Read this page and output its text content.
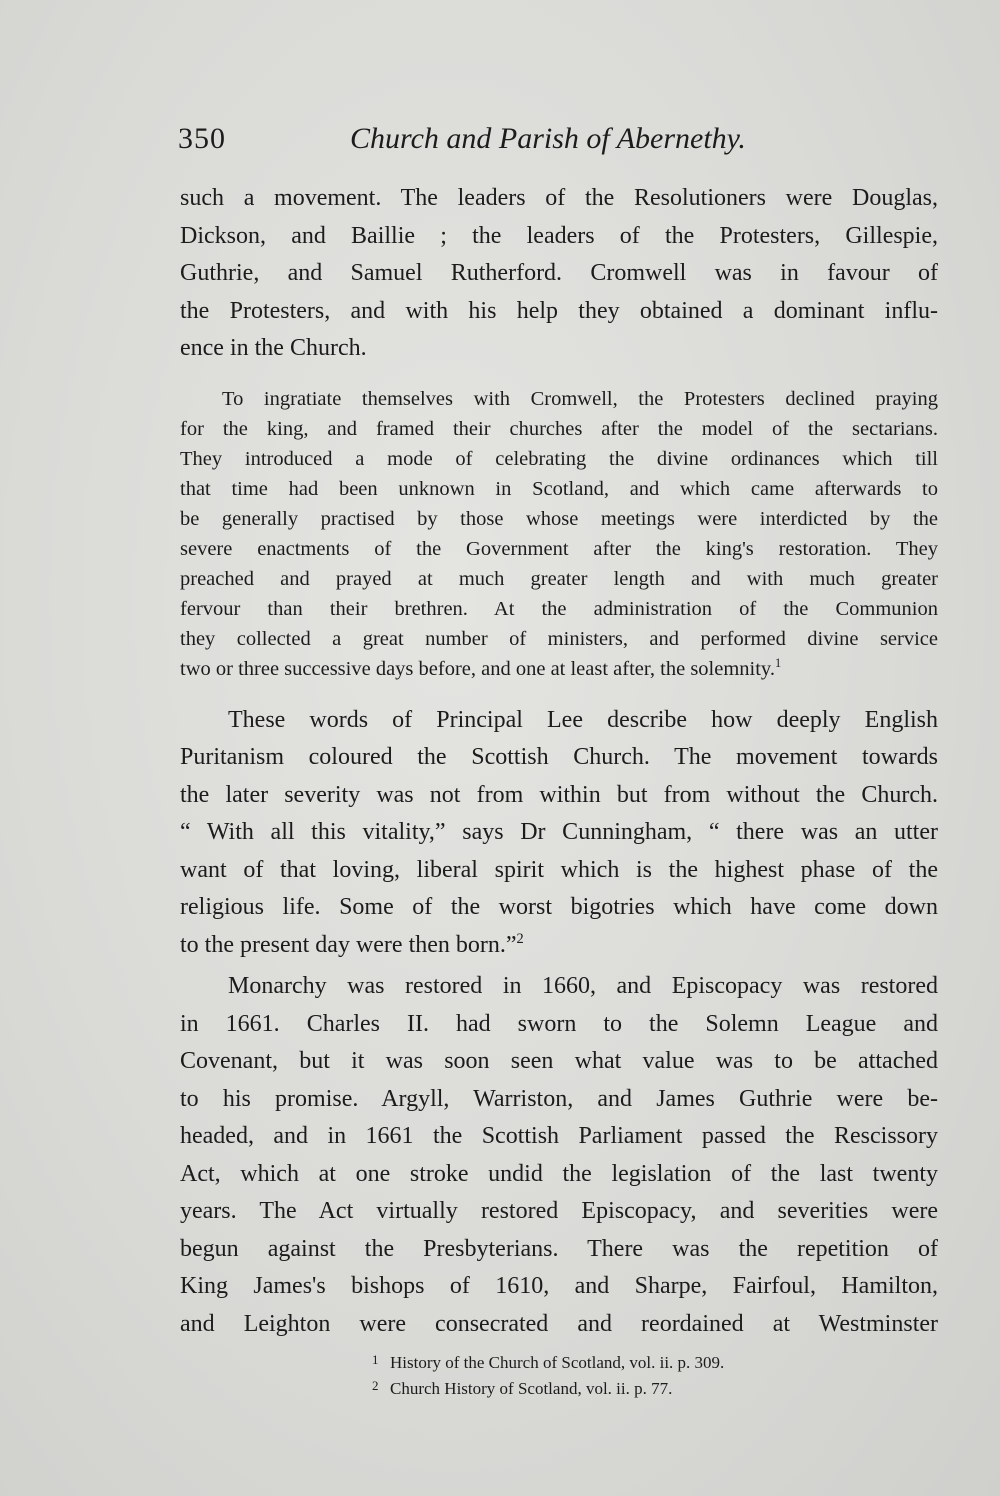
350	Church and Parish of Abernethy.
such a movement. The leaders of the Resolutioners were Douglas,
Dickson, and Baillie ; the leaders of the Protesters, Gillespie,
Guthrie, and Samuel Rutherford. Cromwell was in favour of
the Protesters, and with his help they obtained a dominant influ-
ence in the Church.
To ingratiate themselves with Cromwell, the Protesters declined praying
for the king, and framed their churches after the model of the sectarians.
They introduced a mode of celebrating the divine ordinances which till
that time had been unknown in Scotland, and which came afterwards to
be generally practised by those whose meetings were interdicted by the
severe enactments of the Government after the king's restoration. They
preached and prayed at much greater length and with much greater
fervour than their brethren. At the administration of the Communion
they collected a great number of ministers, and performed divine service
two or three successive days before, and one at least after, the solemnity.$^1$
These words of Principal Lee describe how deeply English
Puritanism coloured the Scottish Church. The movement towards
the later severity was not from within but from without the Church.
“ With all this vitality,” says Dr Cunningham, “ there was an utter
want of that loving, liberal spirit which is the highest phase of the
religious life. Some of the worst bigotries which have come down
to the present day were then born.”$^2$
Monarchy was restored in 1660, and Episcopacy was restored
in 1661. Charles II. had sworn to the Solemn League and
Covenant, but it was soon seen what value was to be attached
to his promise. Argyll, Warriston, and James Guthrie were be-
headed, and in 1661 the Scottish Parliament passed the Rescissory
Act, which at one stroke undid the legislation of the last twenty
years. The Act virtually restored Episcopacy, and severities were
begun against the Presbyterians. There was the repetition of
King James's bishops of 1610, and Sharpe, Fairfoul, Hamilton,
and Leighton were consecrated and reordained at Westminster
1 History of the Church of Scotland, vol. ii. p. 309.
2 Church History of Scotland, vol. ii. p. 77.
